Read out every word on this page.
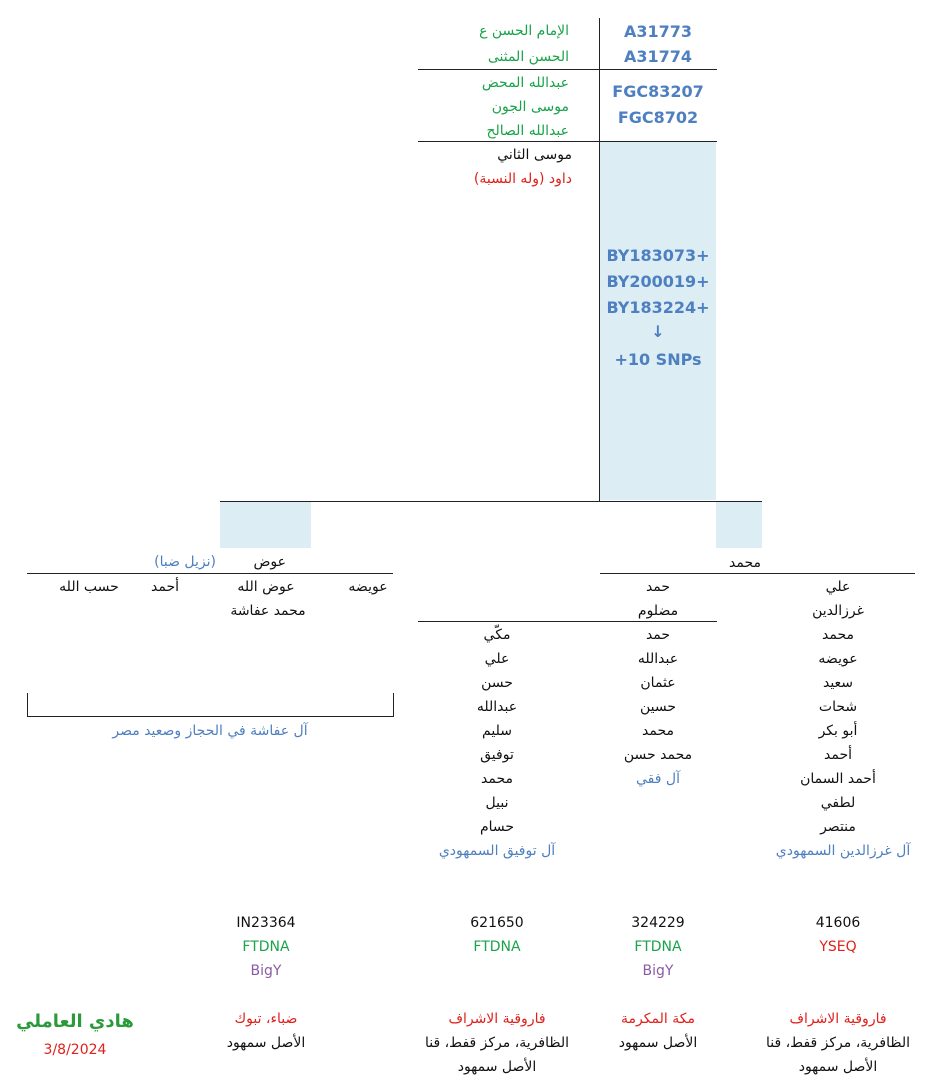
الإمام الحسن ع
الحسن المثنى
عبدالله المحض
موسى الجون
عبدالله الصالح
موسى الثاني
داود (وله النسبة)
A31773
A31774
FGC83207
FGC8702
BY183073+
BY200019+
BY183224+
↓
+10 SNPs
عوض
(نزيل ضبا)
عويضه
عوض الله
أحمد
حسب الله
محمد عفاشة
آل عفاشة في الحجاز وصعيد مصر
محمد
علي
غرزالدين
محمد
عويضه
سعيد
شحات
أبو بكر
أحمد
أحمد السمان
لطفي
منتصر
آل غرزالدين السمهودي
حمد
مضلوم
حمد
عبدالله
عثمان
حسين
محمد
محمد حسن
آل فقي
مكّي
علي
حسن
عبدالله
سليم
توفيق
محمد
نبيل
حسام
آل توفيق السمهودي
41606
YSEQ
فاروقية الاشراف
الظافرية، مركز قفط، قنا
الأصل سمهود
324229
FTDNA
BigY
مكة المكرمة
الأصل سمهود
621650
FTDNA
فاروقية الاشراف
الظافرية، مركز قفط، قنا
الأصل سمهود
IN23364
FTDNA
BigY
ضباء، تبوك
الأصل سمهود
هادي العاملي
3/8/2024
